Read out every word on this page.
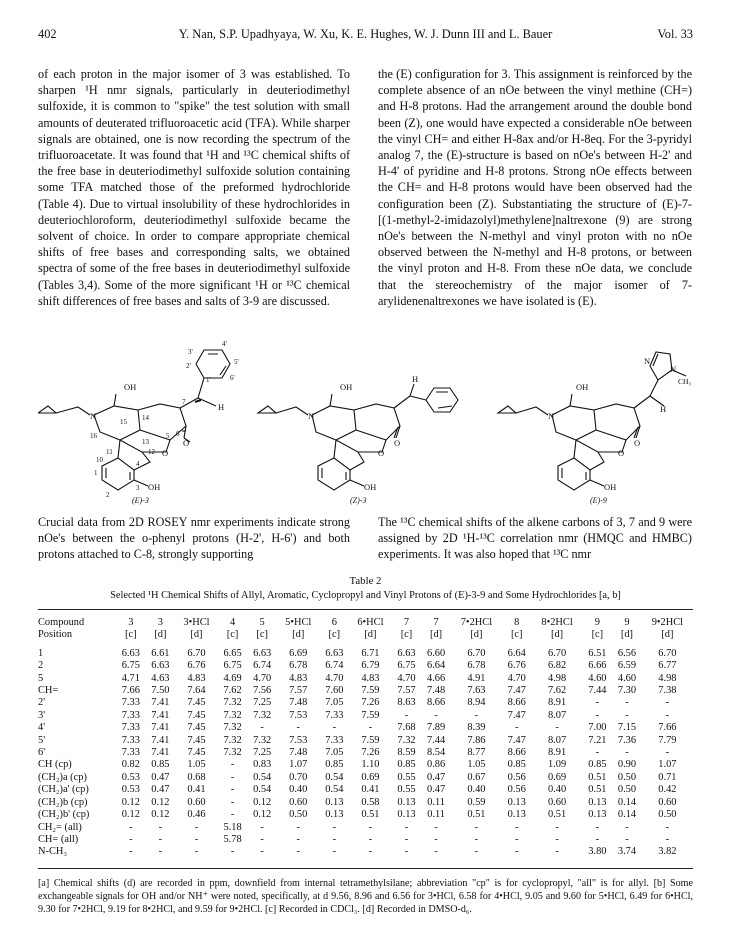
402	Y. Nan, S.P. Upadhyaya, W. Xu, K. E. Hughes, W. J. Dunn III and L. Bauer	Vol. 33

of each proton in the major isomer of 3 was established. To sharpen ¹H nmr signals, particularly in deuteriodimethyl sulfoxide, it is common to "spike" the test solution with small amounts of deuterated trifluoroacetic acid (TFA). While sharper signals are obtained, one is now recording the spectrum of the trifluoroacetate. It was found that ¹H and ¹³C chemical shifts of the free base in deuteriodimethyl sulfoxide solution containing some TFA matched those of the preformed hydrochloride (Table 4). Due to virtual insolubility of these hydrochlorides in deuteriochloroform, deuteriodimethyl sulfoxide became the solvent of choice. In order to compare appropriate chemical shifts of free bases and corresponding salts, we obtained spectra of some of the free bases in deuteriodimethyl sulfoxide (Tables 3,4). Some of the more significant ¹H or ¹³C chemical shift differences of free bases and salts of 3-9 are discussed.

the (E) configuration for 3. This assignment is reinforced by the complete absence of an nOe between the vinyl methine (CH=) and H-8 protons. Had the arrangement around the double bond been (Z), one would have expected a considerable nOe between the vinyl CH= and either H-8ax and/or H-8eq. For the 3-pyridyl analog 7, the (E)-structure is based on nOe's between H-2' and H-4' of pyridine and H-8 protons. Strong nOe effects between the CH= and H-8 protons would have been observed had the configuration been (Z). Substantiating the structure of (E)-7-[(1-methyl-2-imidazolyl)methylene]naltrexone (9) are strong nOe's between the N-methyl and vinyl proton with no nOe observed between the N-methyl and H-8 protons, or between the vinyl proton and H-8. From these nOe data, we conclude that the stereochemistry of the major isomer of 7-arylidenenaltrexones we have isolated is (E).

OH
N	14
15
16
13
12
11
10
1
2
3
4
5 6
7
O
O
OH
H
1'	6'
5'
4'
3'
2'
OH
N
O
O
OH
H
OH
N
O
O
OH
H
N
N
CH₃
(E)-3	(Z)-3	(E)-9

Crucial data from 2D ROSEY nmr experiments indicate strong nOe's between the o-phenyl protons (H-2', H-6') and both protons attached to C-8, strongly supporting

The ¹³C chemical shifts of the alkene carbons of 3, 7 and 9 were assigned by 2D ¹H-¹³C correlation nmr (HMQC and HMBC) experiments. It was also hoped that ¹³C nmr

Table 2
Selected ¹H Chemical Shifts of Allyl, Aromatic, Cyclopropyl and Vinyl Protons of (E)-3-9 and Some Hydrochlorides [a, b]
Compound	3	3	3•HCl	4	5	5•HCl	6	6•HCl	7	7	7•2HCl	8	8•2HCl	9	9	9•2HCl
Position	[c]	[d]	[d]	[c]	[c]	[d]	[c]	[d]	[c]	[d]	[d]	[c]	[d]	[c]	[d]	[d]

1	6.63	6.61	6.70	6.65	6.63	6.69	6.63	6.71	6.63	6.60	6.70	6.64	6.70	6.51	6.56	6.70
2	6.75	6.63	6.76	6.75	6.74	6.78	6.74	6.79	6.75	6.64	6.78	6.76	6.82	6.66	6.59	6.77
5	4.71	4.63	4.83	4.69	4.70	4.83	4.70	4.83	4.70	4.66	4.91	4.70	4.98	4.60	4.60	4.98
CH=	7.66	7.50	7.64	7.62	7.56	7.57	7.60	7.59	7.57	7.48	7.63	7.47	7.62	7.44	7.30	7.38
2'	7.33	7.41	7.45	7.32	7.25	7.48	7.05	7.26	8.63	8.66	8.94	8.66	8.91	-	-	-
3'	7.33	7.41	7.45	7.32	7.32	7.53	7.33	7.59	-	-	-	7.47	8.07	-	-	-
4'	7.33	7.41	7.45	7.32	-	-	-	-	7.68	7.89	8.39	-	-	7.00	7.15	7.66
5'	7.33	7.41	7.45	7.32	7.32	7.53	7.33	7.59	7.32	7.44	7.86	7.47	8.07	7.21	7.36	7.79
6'	7.33	7.41	7.45	7.32	7.25	7.48	7.05	7.26	8.59	8.54	8.77	8.66	8.91	-	-	-
CH (cp)	0.82	0.85	1.05	-	0.83	1.07	0.85	1.10	0.85	0.86	1.05	0.85	1.09	0.85	0.90	1.07
(CH₂)a (cp)	0.53	0.47	0.68	-	0.54	0.70	0.54	0.69	0.55	0.47	0.67	0.56	0.69	0.51	0.50	0.71
(CH₂)a' (cp)	0.53	0.47	0.41	-	0.54	0.40	0.54	0.41	0.55	0.47	0.40	0.56	0.40	0.51	0.50	0.42
(CH₂)b (cp)	0.12	0.12	0.60	-	0.12	0.60	0.13	0.58	0.13	0.11	0.59	0.13	0.60	0.13	0.14	0.60
(CH₂)b' (cp)	0.12	0.12	0.46	-	0.12	0.50	0.13	0.51	0.13	0.11	0.51	0.13	0.51	0.13	0.14	0.50
CH₂= (all)	-	-	-	5.18	-	-	-	-	-	-	-	-	-	-	-	-
CH= (all)	-	-	-	5.78	-	-	-	-	-	-	-	-	-	-	-	-
N-CH₃	-	-	-	-	-	-	-	-	-	-	-	-	-	3.80	3.74	3.82
[a] Chemical shifts (d) are recorded in ppm, downfield from internal tetramethylsilane; abbreviation "cp" is for cyclopropyl, "all" is for allyl. [b] Some exchangeable signals for OH and/or NH⁺ were noted, specifically, at d 9.56, 8.96 and 6.56 for 3•HCl, 6.58 for 4•HCl, 9.05 and 9.60 for 5•HCl, 6.49 for 6•HCl, 9.30 for 7•2HCl, 9.19 for 8•2HCl, and 9.59 for 9•2HCl. [c] Recorded in CDCl₃. [d] Recorded in DMSO-d₆.
